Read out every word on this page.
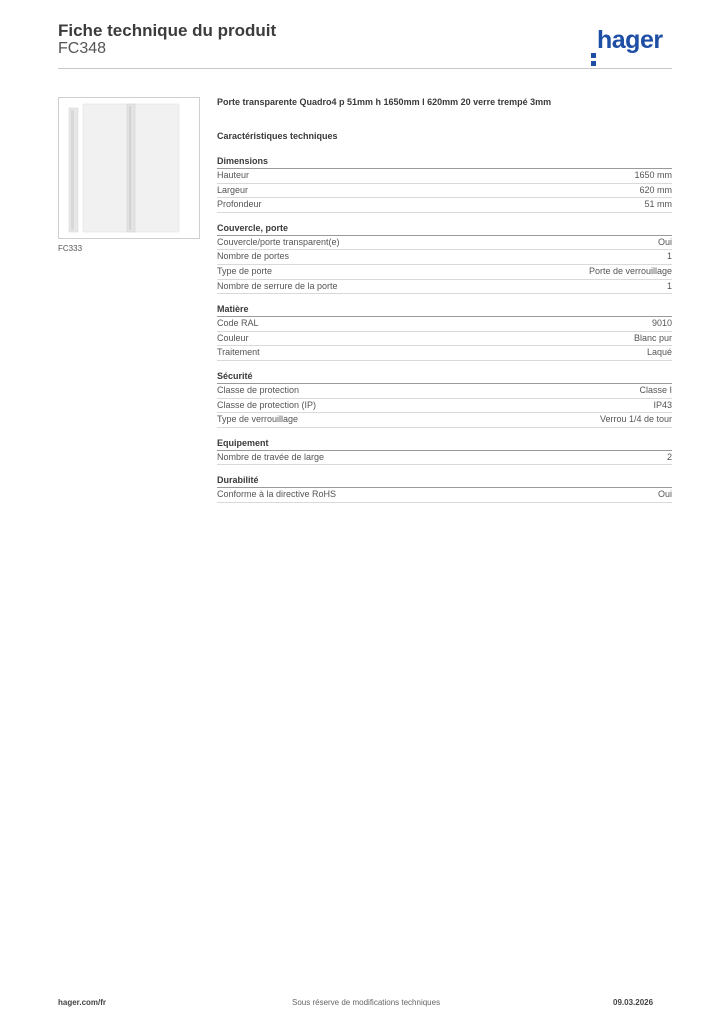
Fiche technique du produit
FC348	hager
FC333
Porte transparente Quadro4 p 51mm h 1650mm l 620mm 20 verre trempé 3mm
Caractéristiques techniques
Dimensions
Hauteur	1650 mm
Largeur	620 mm
Profondeur	51 mm
Couvercle, porte
Couvercle/porte transparent(e)	Oui
Nombre de portes	1
Type de porte	Porte de verrouillage
Nombre de serrure de la porte	1
Matière
Code RAL	9010
Couleur	Blanc pur
Traitement	Laqué
Sécurité
Classe de protection	Classe I
Classe de protection (IP)	IP43
Type de verrouillage	Verrou 1/4 de tour
Equipement
Nombre de travée de large	2
Durabilité
Conforme à la directive RoHS	Oui
hager.com/fr	Sous réserve de modifications techniques	09.03.2026
